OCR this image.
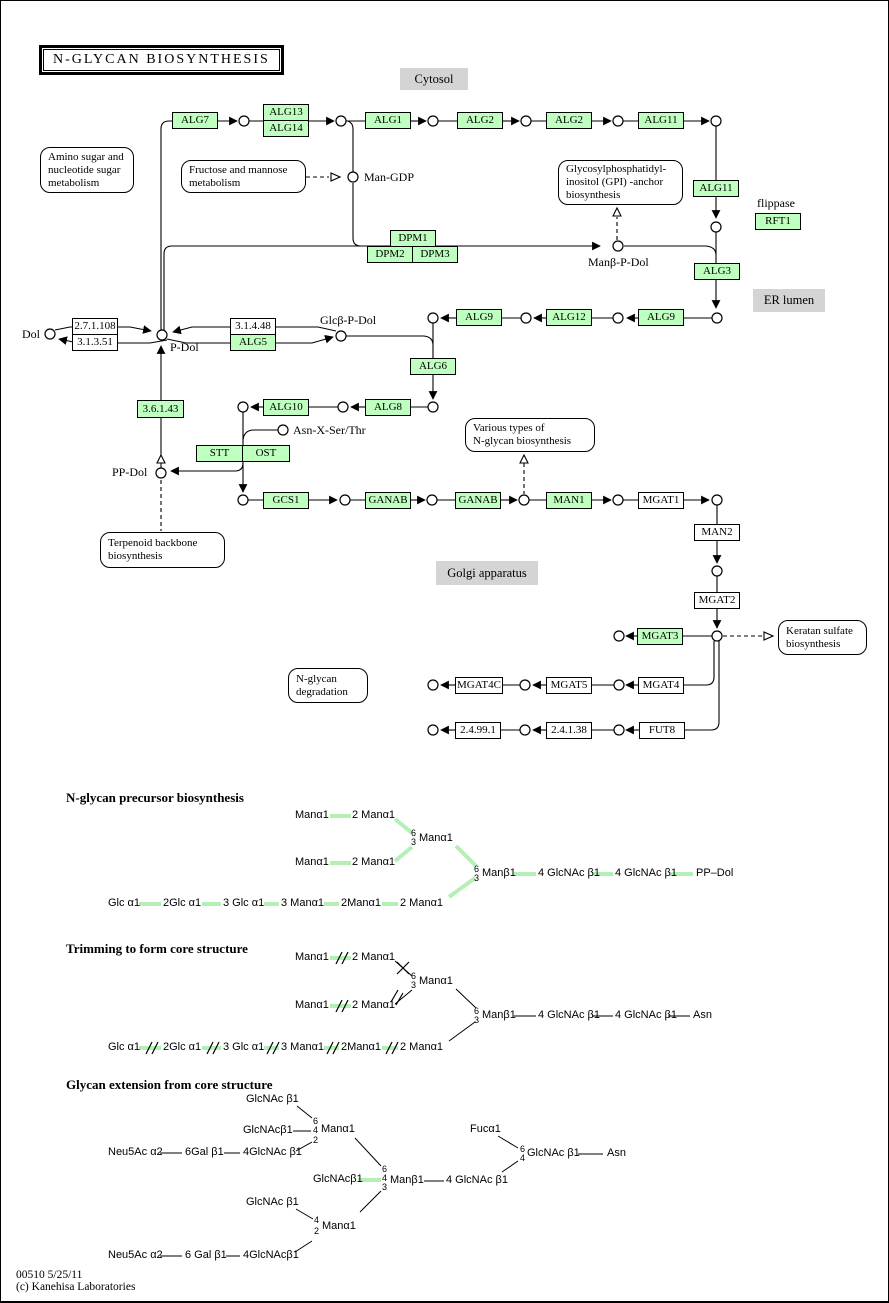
N-GLYCAN BIOSYNTHESIS
ALG7
ALG13
ALG14
ALG1	ALG2	ALG2	ALG11
ALG11
RFT1
DPM1
DPM2	DPM3
ALG3
ALG9
ALG12
ALG9
2.7.1.108
3.1.3.51
3.1.4.48
ALG5
ALG6
3.6.1.43	ALG10	ALG8
STT	OST
GCS1	GANAB	GANAB	MAN1	MGAT1
MAN2
MGAT2
MGAT3
MGAT4
MGAT5
MGAT4C
FUT8
2.4.1.38
2.4.99.1
Amino sugar and
nucleotide sugar
metabolism
Fructose and mannose
metabolism
Glycosylphosphatidyl-
inositol (GPI) -anchor
biosynthesis
Various types of
N-glycan biosynthesis
Terpenoid backbone
biosynthesis
Keratan sulfate
biosynthesis
N-glycan
degradation
Cytosol
ER lumen
Golgi apparatus
Dol
Man-GDP
Manβ-P-Dol
flippase
P-Dol
Glcβ-P-Dol
Asn-X-Ser/Thr
PP-Dol
N-glycan precursor biosynthesis
Trimming to form core structure
Glycan extension from core structure
Manα1 2 Manα1
6
3 Manα1
Manα1 2 Manα1
6
3 Manβ1
Glc α1 2Glc α1 3 Glc α1 3 Manα1 2Manα1 2 Manα1
4 GlcNAc β1 4 GlcNAc β1 PP–Dol
Manα1 2 Manα1
6
3 Manα1
Manα1 2 Manα1	6
3 Manβ1
Glc α1 2Glc α1 3 Glc α1 3 Manα1 2Manα1 2 Manα1
4 GlcNAc β1 4 GlcNAc β1 Asn
GlcNAc β1
6
4
2
Manα1
GlcNAcβ1
Neu5Ac α2 6Gal β1 4GlcNAc β1
GlcNAcβ1
6
4
3
Manβ1 4 GlcNAc β1
Fucα1
6
4 GlcNAc β1 Asn
GlcNAc β1
4
2 Manα1
Neu5Ac α2 6 Gal β1 4GlcNAcβ1
00510 5/25/11
(c) Kanehisa Laboratories
